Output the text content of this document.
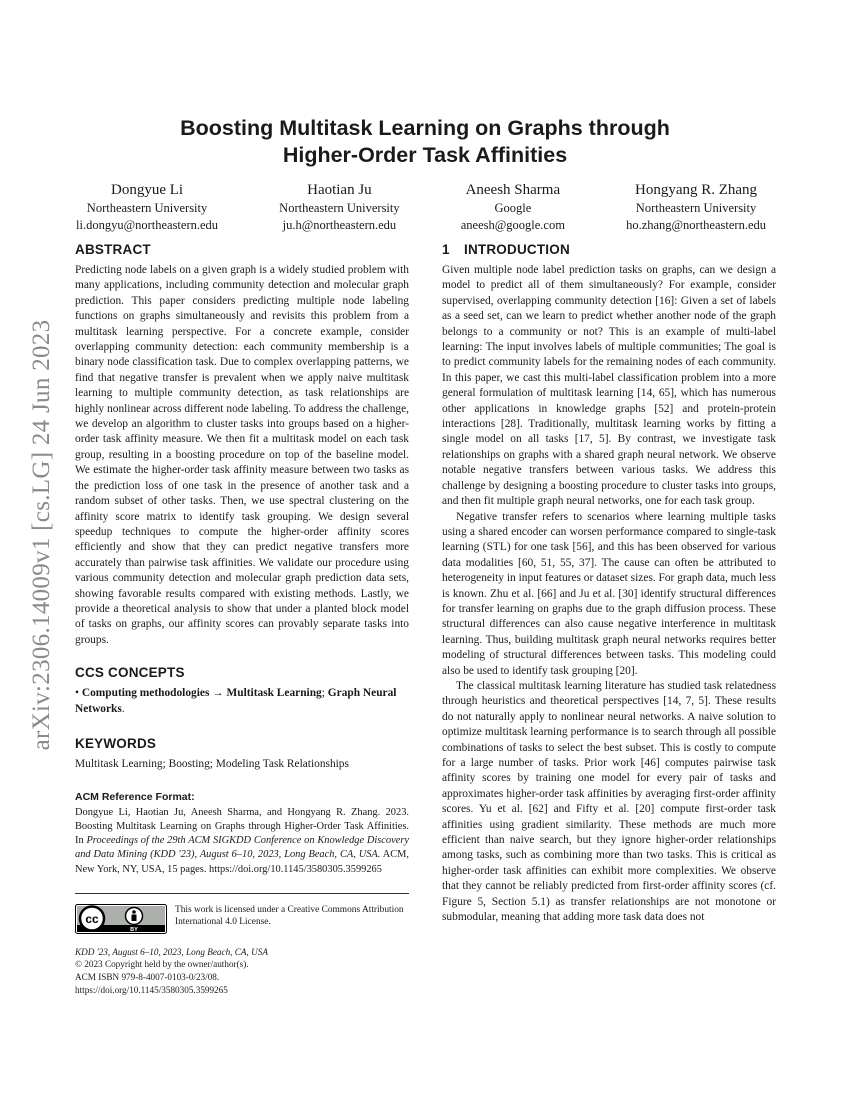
arXiv:2306.14009v1 [cs.LG] 24 Jun 2023
Boosting Multitask Learning on Graphs through
Higher-Order Task Affinities
Dongyue Li
Northeastern University
li.dongyu@northeastern.edu
Haotian Ju
Northeastern University
ju.h@northeastern.edu
Aneesh Sharma
Google
aneesh@google.com
Hongyang R. Zhang
Northeastern University
ho.zhang@northeastern.edu
ABSTRACT

Predicting node labels on a given graph is a widely studied problem with many applications, including community detection and molecular graph prediction. This paper considers predicting multiple node labeling functions on graphs simultaneously and revisits this problem from a multitask learning perspective. For a concrete example, consider overlapping community detection: each community membership is a binary node classification task. Due to complex overlapping patterns, we find that negative transfer is prevalent when we apply naive multitask learning to multiple community detection, as task relationships are highly nonlinear across different node labeling. To address the challenge, we develop an algorithm to cluster tasks into groups based on a higher-order task affinity measure. We then fit a multitask model on each task group, resulting in a boosting procedure on top of the baseline model. We estimate the higher-order task affinity measure between two tasks as the prediction loss of one task in the presence of another task and a random subset of other tasks. Then, we use spectral clustering on the affinity score matrix to identify task grouping. We design several speedup techniques to compute the higher-order affinity scores efficiently and show that they can predict negative transfers more accurately than pairwise task affinities. We validate our procedure using various community detection and molecular graph prediction data sets, showing favorable results compared with existing methods. Lastly, we provide a theoretical analysis to show that under a planted block model of tasks on graphs, our affinity scores can provably separate tasks into groups.

CCS CONCEPTS

• Computing methodologies → Multitask Learning; Graph Neural Networks.

KEYWORDS

Multitask Learning; Boosting; Modeling Task Relationships

ACM Reference Format:

Dongyue Li, Haotian Ju, Aneesh Sharma, and Hongyang R. Zhang. 2023. Boosting Multitask Learning on Graphs through Higher-Order Task Affinities. In Proceedings of the 29th ACM SIGKDD Conference on Knowledge Discovery and Data Mining (KDD '23), August 6–10, 2023, Long Beach, CA, USA. ACM, New York, NY, USA, 15 pages. https://doi.org/10.1145/3580305.3599265

cc
BY
This work is licensed under a Creative Commons Attribution International 4.0 License.
KDD '23, August 6–10, 2023, Long Beach, CA, USA
© 2023 Copyright held by the owner/author(s).
ACM ISBN 979-8-4007-0103-0/23/08.
https://doi.org/10.1145/3580305.3599265
1 INTRODUCTION

Given multiple node label prediction tasks on graphs, can we design a model to predict all of them simultaneously? For example, consider supervised, overlapping community detection [16]: Given a set of labels as a seed set, can we learn to predict whether another node of the graph belongs to a community or not? This is an example of multi-label learning: The input involves labels of multiple communities; The goal is to predict community labels for the remaining nodes of each community. In this paper, we cast this multi-label classification problem into a more general formulation of multitask learning [14, 65], which has numerous other applications in knowledge graphs [52] and protein-protein interactions [28]. Traditionally, multitask learning works by fitting a single model on all tasks [17, 5]. By contrast, we investigate task relationships on graphs with a shared graph neural network. We observe notable negative transfers between various tasks. We address this challenge by designing a boosting procedure to cluster tasks into groups, and then fit multiple graph neural networks, one for each task group.

Negative transfer refers to scenarios where learning multiple tasks using a shared encoder can worsen performance compared to single-task learning (STL) for one task [56], and this has been observed for various data modalities [60, 51, 55, 37]. The cause can often be attributed to heterogeneity in input features or dataset sizes. For graph data, much less is known. Zhu et al. [66] and Ju et al. [30] identify structural differences for transfer learning on graphs due to the graph diffusion process. These structural differences can also cause negative interference in multitask learning. Thus, building multitask graph neural networks requires better modeling of structural differences between tasks. This modeling could also be used to identify task grouping [20].

The classical multitask learning literature has studied task relatedness through heuristics and theoretical perspectives [14, 7, 5]. These results do not naturally apply to nonlinear neural networks. A naive solution to optimize multitask learning performance is to search through all possible combinations of tasks to select the best subset. This is costly to compute for a large number of tasks. Prior work [46] computes pairwise task affinity scores by training one model for every pair of tasks and approximates higher-order task affinities by averaging first-order affinity scores. Yu et al. [62] and Fifty et al. [20] compute first-order task affinities using gradient similarity. These methods are much more efficient than naive search, but they ignore higher-order relationships among tasks, such as combining more than two tasks. This is critical as higher-order task affinities can exhibit more complexities. We observe that they cannot be reliably predicted from first-order affinity scores (cf. Figure 5, Section 5.1) as transfer relationships are not monotone or submodular, meaning that adding more task data does not
